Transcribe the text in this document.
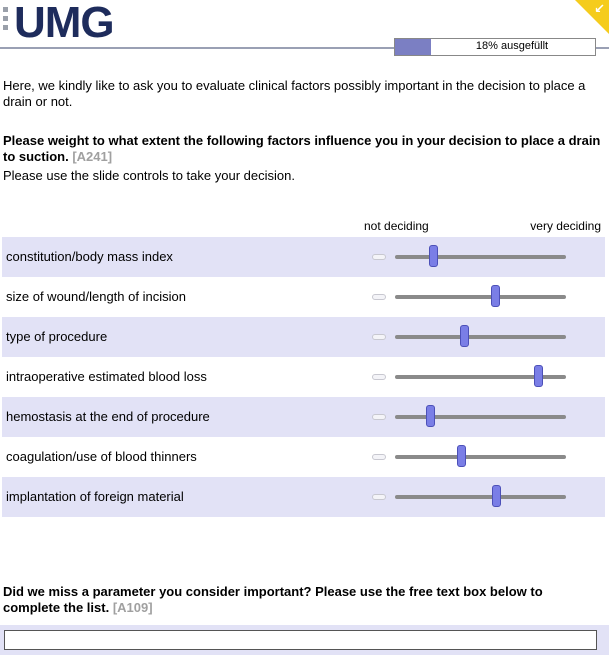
UMG	↙
18% ausgefüllt
Here, we kindly like to ask you to evaluate clinical factors possibly important in the decision to place a drain or not.
Please weight to what extent the following factors influence you in your decision to place a drain to suction. [A241]
Please use the slide controls to take your decision.
not deciding	very deciding
constitution/body mass index
size of wound/length of incision
type of procedure
intraoperative estimated blood loss
hemostasis at the end of procedure
coagulation/use of blood thinners
implantation of foreign material
Did we miss a parameter you consider important? Please use the free text box below to complete the list. [A109]
